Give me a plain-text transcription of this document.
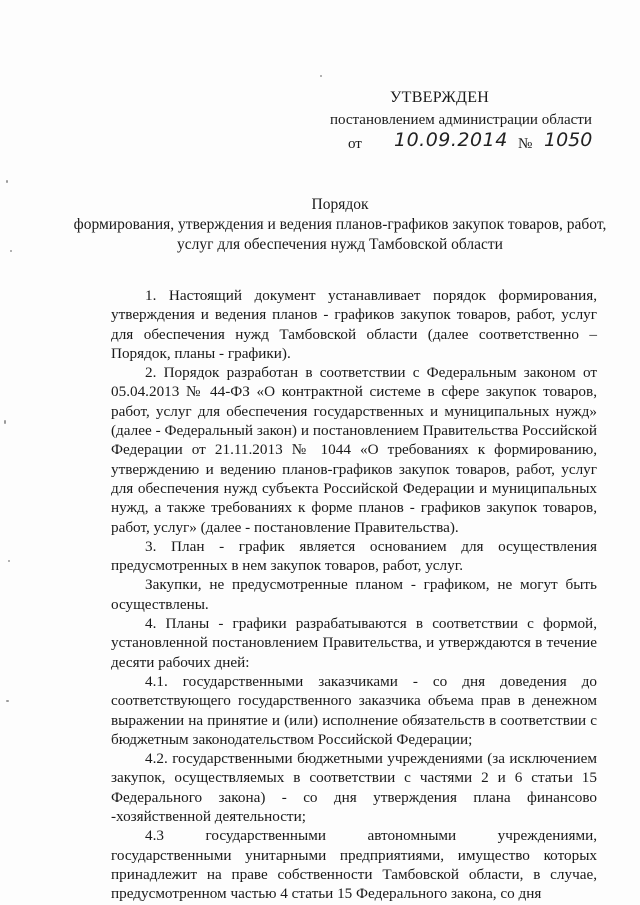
УТВЕРЖДЕН
постановлением администрации области
от 10.09.2014 № 1050
Порядок
формирования, утверждения и ведения планов-графиков закупок товаров, работ, услуг для обеспечения нужд Тамбовской области

1. Настоящий документ устанавливает порядок формирования, утверждения и ведения планов - графиков закупок товаров, работ, услуг для обеспечения нужд Тамбовской области (далее соответственно – Порядок, планы - графики).

2. Порядок разработан в соответствии с Федеральным законом от 05.04.2013 № 44-ФЗ «О контрактной системе в сфере закупок товаров, работ, услуг для обеспечения государственных и муниципальных нужд» (далее - Федеральный закон) и постановлением Правительства Российской Федерации от 21.11.2013 № 1044 «О требованиях к формированию, утверждению и ведению планов-графиков закупок товаров, работ, услуг для обеспечения нужд субъекта Российской Федерации и муниципальных нужд, а также требованиях к форме планов - графиков закупок товаров, работ, услуг» (далее - постановление Правительства).

3. План - график является основанием для осуществления предусмотренных в нем закупок товаров, работ, услуг.

Закупки, не предусмотренные планом - графиком, не могут быть осуществлены.

4. Планы - графики разрабатываются в соответствии с формой, установленной постановлением Правительства, и утверждаются в течение десяти рабочих дней:

4.1. государственными заказчиками - со дня доведения до соответствующего государственного заказчика объема прав в денежном выражении на принятие и (или) исполнение обязательств в соответствии с бюджетным законодательством Российской Федерации;

4.2. государственными бюджетными учреждениями (за исключением закупок, осуществляемых в соответствии с частями 2 и 6 статьи 15 Федерального закона) - со дня утверждения плана финансово -хозяйственной деятельности;

4.3 государственными автономными учреждениями, государственными унитарными предприятиями, имущество которых принадлежит на праве собственности Тамбовской области, в случае, предусмотренном частью 4 статьи 15 Федерального закона, со дня
